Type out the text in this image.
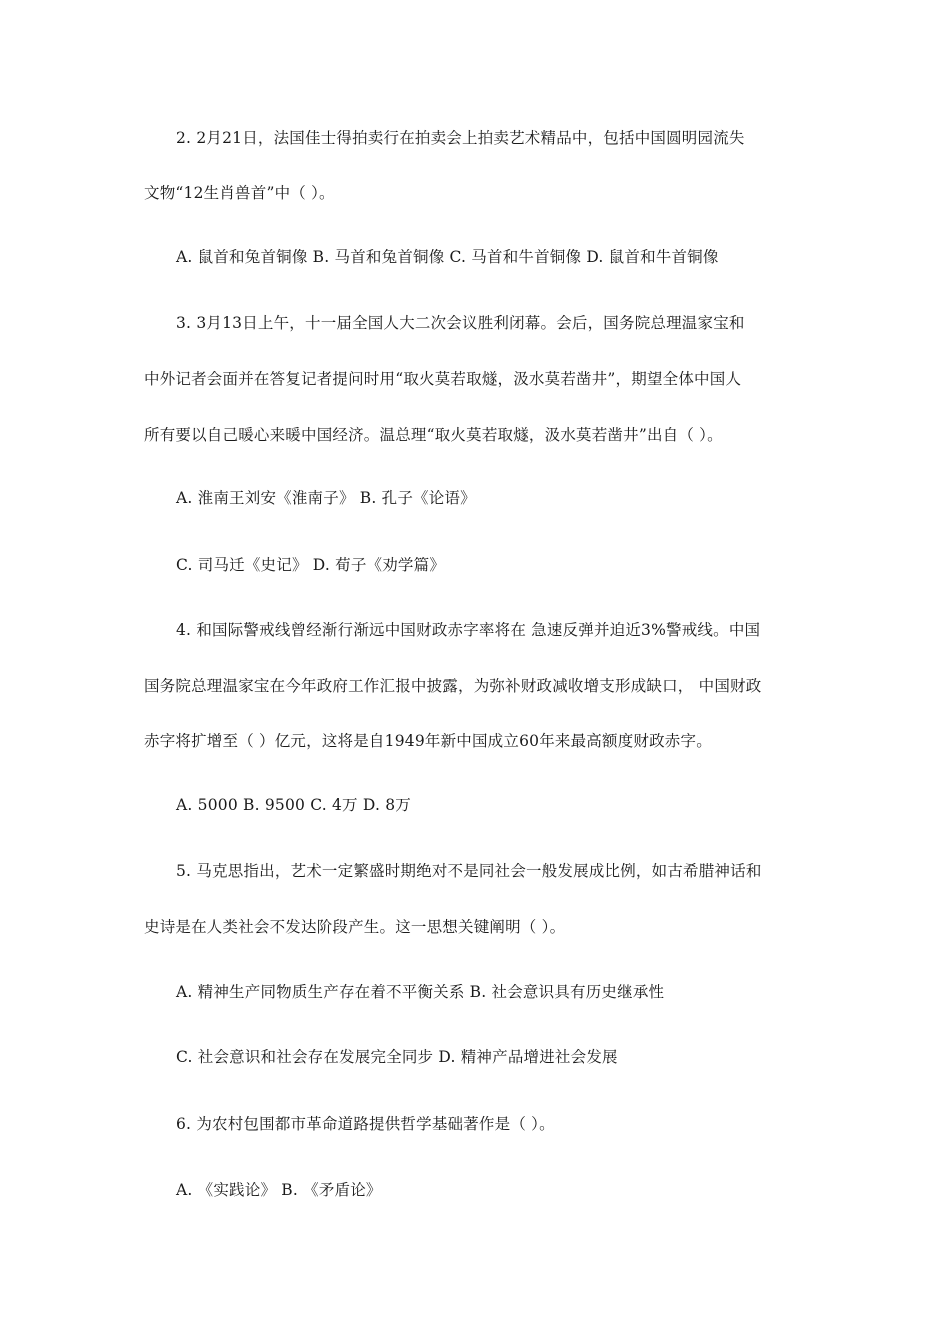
2. 2月21日，法国佳士得拍卖行在拍卖会上拍卖艺术精品中，包括中国圆明园流失
文物“12生肖兽首”中（ ）。
A. 鼠首和兔首铜像 B. 马首和兔首铜像 C. 马首和牛首铜像 D. 鼠首和牛首铜像
3. 3月13日上午，十一届全国人大二次会议胜利闭幕。会后，国务院总理温家宝和
中外记者会面并在答复记者提问时用“取火莫若取燧，汲水莫若凿井”，期望全体中国人
所有要以自己暖心来暖中国经济。温总理“取火莫若取燧，汲水莫若凿井”出自（ ）。
A. 淮南王刘安《淮南子》 B. 孔子《论语》
C. 司马迁《史记》 D. 荀子《劝学篇》
4. 和国际警戒线曾经渐行渐远中国财政赤字率将在 急速反弹并迫近3%警戒线。中国
国务院总理温家宝在今年政府工作汇报中披露，为弥补财政减收增支形成缺口， 中国财政
赤字将扩增至（ ）亿元，这将是自1949年新中国成立60年来最高额度财政赤字。
A. 5000 B. 9500 C. 4万 D. 8万
5. 马克思指出，艺术一定繁盛时期绝对不是同社会一般发展成比例，如古希腊神话和
史诗是在人类社会不发达阶段产生。这一思想关键阐明（ ）。
A. 精神生产同物质生产存在着不平衡关系 B. 社会意识具有历史继承性
C. 社会意识和社会存在发展完全同步 D. 精神产品增进社会发展
6. 为农村包围都市革命道路提供哲学基础著作是（ ）。
A. 《实践论》 B. 《矛盾论》
